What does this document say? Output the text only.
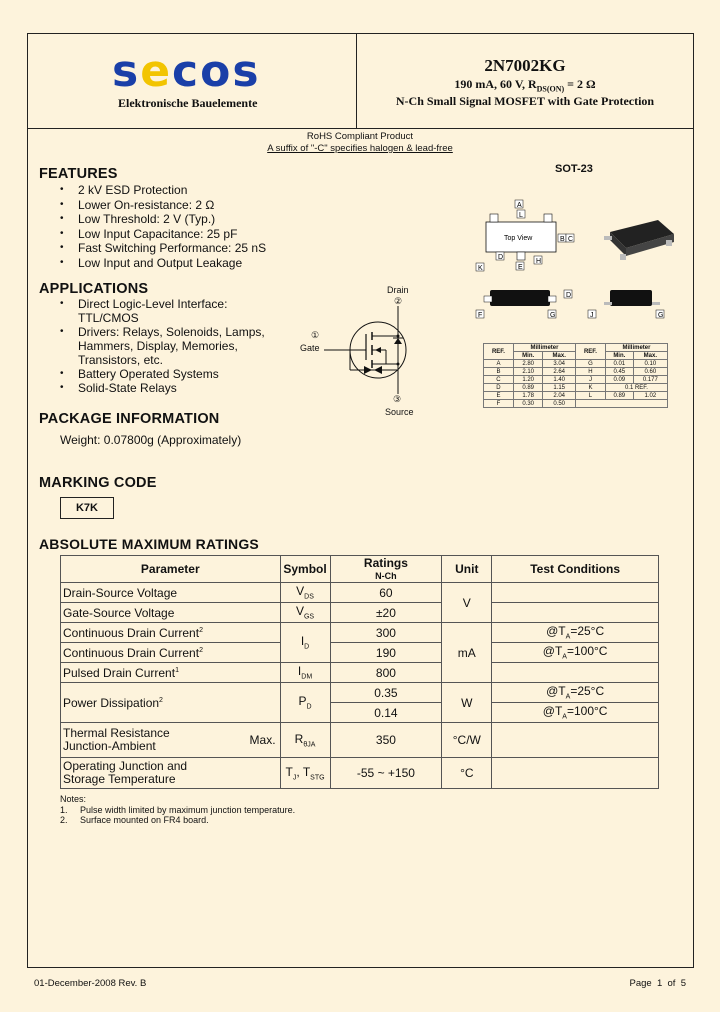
secos
Elektronische Bauelemente
2N7002KG
190 mA, 60 V, $R_{DS(ON)} = 2$ Ω
N-Ch Small Signal MOSFET with Gate Protection
RoHS Compliant Product
A suffix of "-C" specifies halogen & lead-free
FEATURES
• 2 kV ESD Protection
• Lower On-resistance: 2 Ω
• Low Threshold: 2 V (Typ.)
• Low Input Capacitance: 25 pF
• Fast Switching Performance: 25 nS
• Low Input and Output Leakage
APPLICATIONS
• Direct Logic-Level Interface:
TTL/CMOS
• Drivers: Relays, Solenoids, Lamps,
Hammers, Display, Memories,
Transistors, etc.
• Battery Operated Systems
• Solid-State Relays
Drain
②
①
Gate
③
Source
SOT-23
Top View
A
L
B C
D
E
K
H
D
F	G	J	G
REF.	Millimeter		REF.	Millimeter	
	Min.	Max.		Min.	Max.
A	2.80	3.04	G	0.01	0.10
B	2.10	2.64	H	0.45	0.60
C	1.20	1.40	J	0.09	0.177
D	0.89	1.15	K	0.1 REF.	
E	1.78	2.04	L	0.89	1.02
F	0.30	0.50			
PACKAGE INFORMATION
Weight: 0.07800g (Approximately)
MARKING CODE
K7K
ABSOLUTE MAXIMUM RATINGS
Parameter	Symbol	Ratings	Unit	Test Conditions
		N-Ch		
Drain-Source Voltage	$V_{DS}$	60	V	
Gate-Source Voltage	$V_{GS}$	±20		
Continuous Drain Current$^2$	$I_D$	300	mA	$@T_A=25^\circ C$
Continuous Drain Current$^2$		190		$@T_A=100^\circ C$
Pulsed Drain Current$^1$	$I_{DM}$	800		
Power Dissipation$^2$	$P_D$	0.35	W	$@T_A=25^\circ C$
		0.14		$@T_A=100^\circ C$
Thermal Resistance
Junction-Ambient Max.	$R_{\theta JA}$	350	°C/W	
Operating Junction and
Storage Temperature	$T_J$, $T_{STG}$	-55 ~ +150	°C	
Notes:
1.     Pulse width limited by maximum junction temperature.
2.     Surface mounted on FR4 board.
01-December-2008 Rev. B	Page  1  of  5
